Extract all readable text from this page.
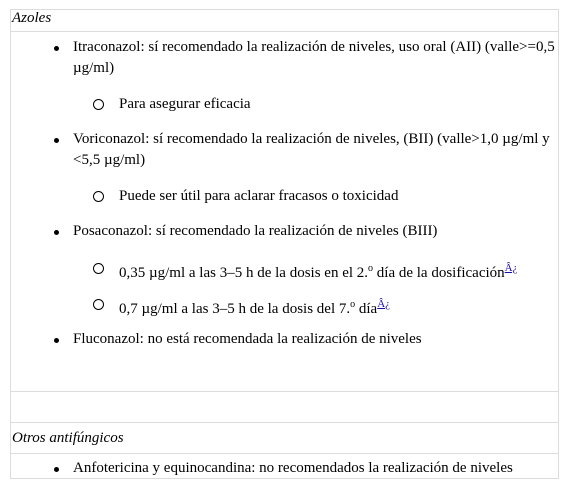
Azoles
Itraconazol: sí recomendado la realización de niveles, uso oral (AII) (valle>=0,5 µg/ml)
Para asegurar eficacia
Voriconazol: sí recomendado la realización de niveles, (BII) (valle>1,0 µg/ml y <5,5 µg/ml)
Puede ser útil para aclarar fracasos o toxicidad
Posaconazol: sí recomendado la realización de niveles (BIII)
0,35 µg/ml a las 3–5 h de la dosis en el 2.$^o$ día de la dosificación$^{Â¿}$
0,7 µg/ml a las 3–5 h de la dosis del 7.$^o$ día$^{Â¿}$
Fluconazol: no está recomendada la realización de niveles
Otros antifúngicos
Anfotericina y equinocandina: no recomendados la realización de niveles
